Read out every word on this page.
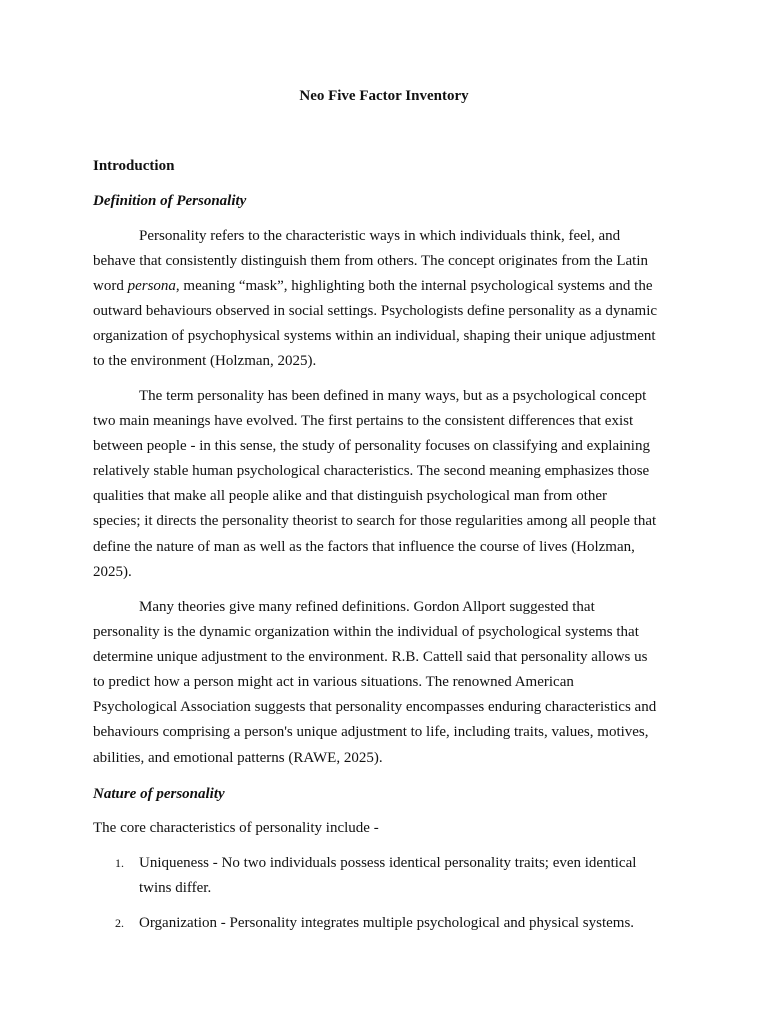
Neo Five Factor Inventory

Introduction

Definition of Personality

Personality refers to the characteristic ways in which individuals think, feel, and
behave that consistently distinguish them from others. The concept originates from the Latin
word persona, meaning “mask”, highlighting both the internal psychological systems and the
outward behaviours observed in social settings. Psychologists define personality as a dynamic
organization of psychophysical systems within an individual, shaping their unique adjustment
to the environment (Holzman, 2025).
The term personality has been defined in many ways, but as a psychological concept
two main meanings have evolved. The first pertains to the consistent differences that exist
between people - in this sense, the study of personality focuses on classifying and explaining
relatively stable human psychological characteristics. The second meaning emphasizes those
qualities that make all people alike and that distinguish psychological man from other
species; it directs the personality theorist to search for those regularities among all people that
define the nature of man as well as the factors that influence the course of lives (Holzman,
2025).
Many theories give many refined definitions. Gordon Allport suggested that
personality is the dynamic organization within the individual of psychological systems that
determine unique adjustment to the environment. R.B. Cattell said that personality allows us
to predict how a person might act in various situations. The renowned American
Psychological Association suggests that personality encompasses enduring characteristics and
behaviours comprising a person's unique adjustment to life, including traits, values, motives,
abilities, and emotional patterns (RAWE, 2025).

Nature of personality

The core characteristics of personality include -

1. Uniqueness - No two individuals possess identical personality traits; even identical
twins differ.
2. Organization - Personality integrates multiple psychological and physical systems.
